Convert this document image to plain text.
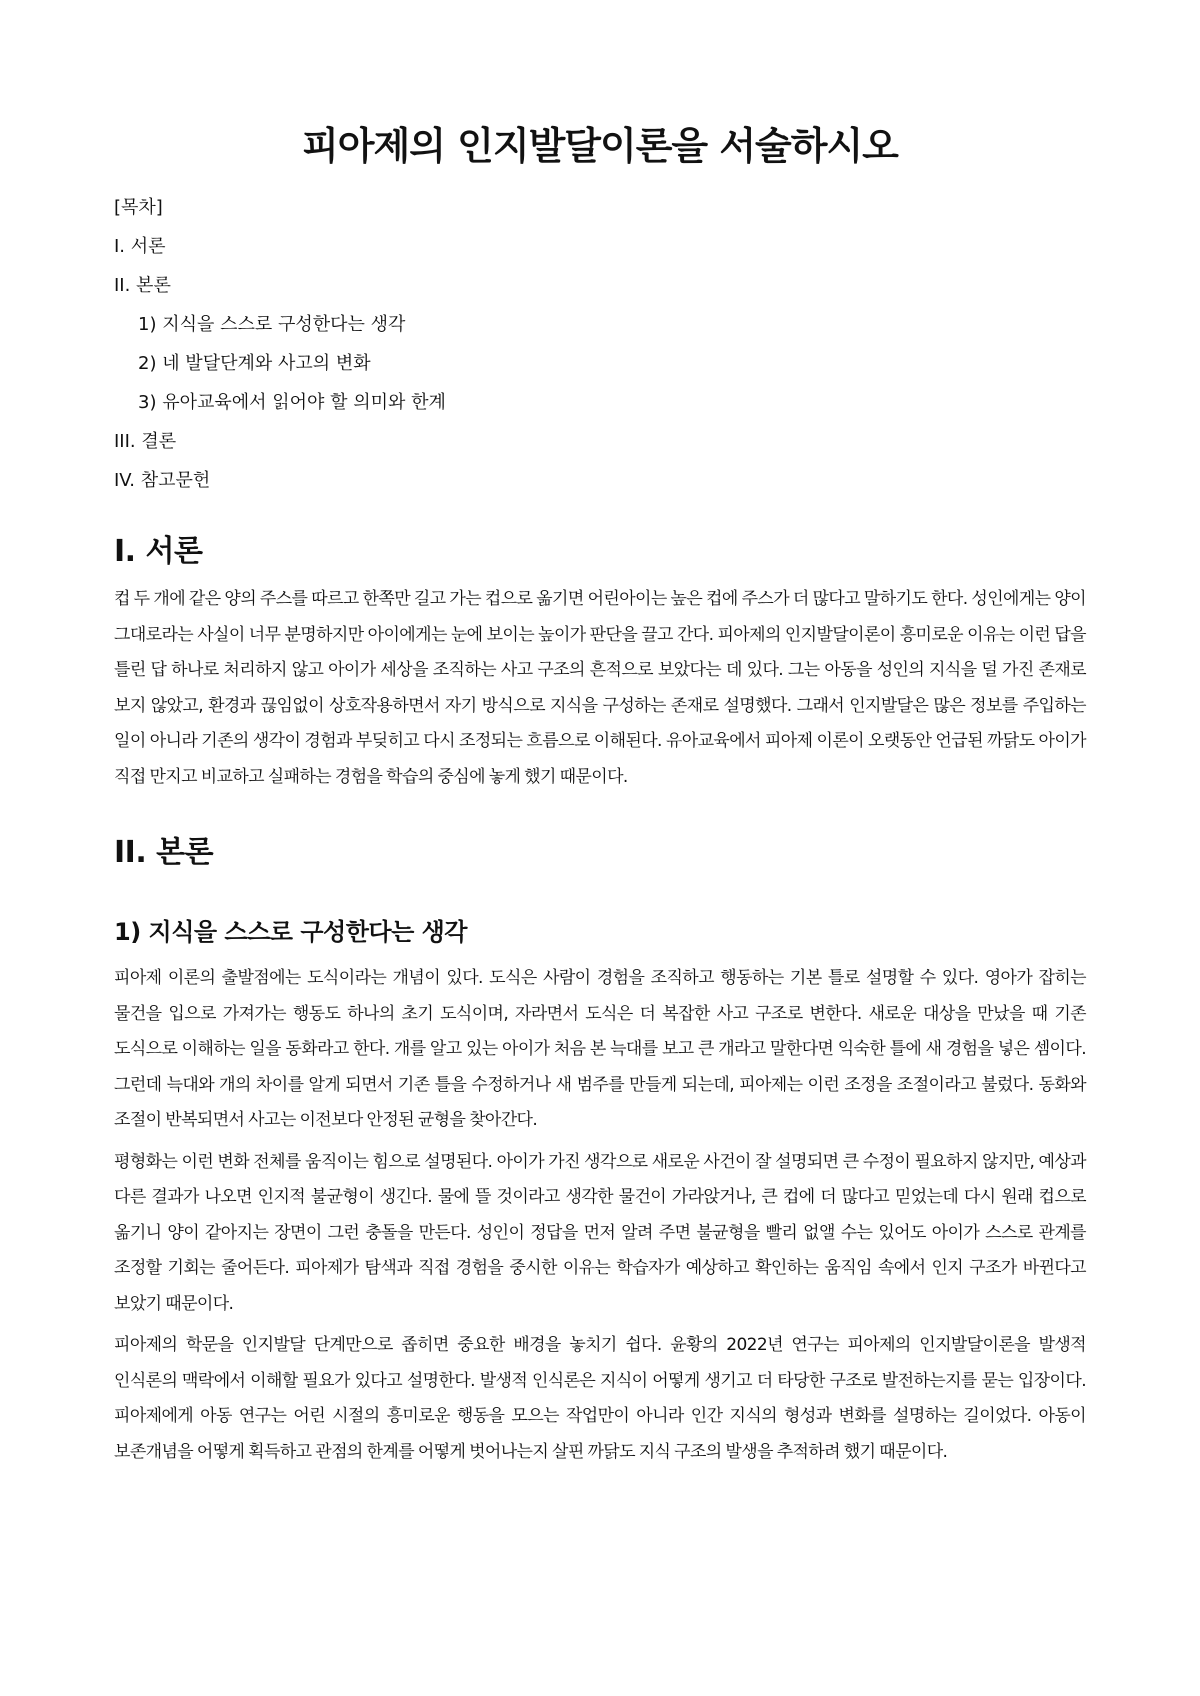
피아제의 인지발달이론을 서술하시오
[목차]
I. 서론
II. 본론
1) 지식을 스스로 구성한다는 생각
2) 네 발달단계와 사고의 변화
3) 유아교육에서 읽어야 할 의미와 한계
III. 결론
IV. 참고문헌
I. 서론

컵 두 개에 같은 양의 주스를 따르고 한쪽만 길고 가는 컵으로 옮기면 어린아이는 높은 컵에 주스가 더 많다고 말하기도 한다. 성인에게는 양이 그대로라는 사실이 너무 분명하지만 아이에게는 눈에 보이는 높이가 판단을 끌고 간다. 피아제의 인지발달이론이 흥미로운 이유는 이런 답을 틀린 답 하나로 처리하지 않고 아이가 세상을 조직하는 사고 구조의 흔적으로 보았다는 데 있다. 그는 아동을 성인의 지식을 덜 가진 존재로 보지 않았고, 환경과 끊임없이 상호작용하면서 자기 방식으로 지식을 구성하는 존재로 설명했다. 그래서 인지발달은 많은 정보를 주입하는 일이 아니라 기존의 생각이 경험과 부딪히고 다시 조정되는 흐름으로 이해된다. 유아교육에서 피아제 이론이 오랫동안 언급된 까닭도 아이가 직접 만지고 비교하고 실패하는 경험을 학습의 중심에 놓게 했기 때문이다.

II. 본론
1) 지식을 스스로 구성한다는 생각

피아제 이론의 출발점에는 도식이라는 개념이 있다. 도식은 사람이 경험을 조직하고 행동하는 기본 틀로 설명할 수 있다. 영아가 잡히는 물건을 입으로 가져가는 행동도 하나의 초기 도식이며, 자라면서 도식은 더 복잡한 사고 구조로 변한다. 새로운 대상을 만났을 때 기존 도식으로 이해하는 일을 동화라고 한다. 개를 알고 있는 아이가 처음 본 늑대를 보고 큰 개라고 말한다면 익숙한 틀에 새 경험을 넣은 셈이다. 그런데 늑대와 개의 차이를 알게 되면서 기존 틀을 수정하거나 새 범주를 만들게 되는데, 피아제는 이런 조정을 조절이라고 불렀다. 동화와 조절이 반복되면서 사고는 이전보다 안정된 균형을 찾아간다.

평형화는 이런 변화 전체를 움직이는 힘으로 설명된다. 아이가 가진 생각으로 새로운 사건이 잘 설명되면 큰 수정이 필요하지 않지만, 예상과 다른 결과가 나오면 인지적 불균형이 생긴다. 물에 뜰 것이라고 생각한 물건이 가라앉거나, 큰 컵에 더 많다고 믿었는데 다시 원래 컵으로 옮기니 양이 같아지는 장면이 그런 충돌을 만든다. 성인이 정답을 먼저 알려 주면 불균형을 빨리 없앨 수는 있어도 아이가 스스로 관계를 조정할 기회는 줄어든다. 피아제가 탐색과 직접 경험을 중시한 이유는 학습자가 예상하고 확인하는 움직임 속에서 인지 구조가 바뀐다고 보았기 때문이다.

피아제의 학문을 인지발달 단계만으로 좁히면 중요한 배경을 놓치기 쉽다. 윤황의 2022년 연구는 피아제의 인지발달이론을 발생적 인식론의 맥락에서 이해할 필요가 있다고 설명한다. 발생적 인식론은 지식이 어떻게 생기고 더 타당한 구조로 발전하는지를 묻는 입장이다. 피아제에게 아동 연구는 어린 시절의 흥미로운 행동을 모으는 작업만이 아니라 인간 지식의 형성과 변화를 설명하는 길이었다. 아동이 보존개념을 어떻게 획득하고 관점의 한계를 어떻게 벗어나는지 살핀 까닭도 지식 구조의 발생을 추적하려 했기 때문이다.
